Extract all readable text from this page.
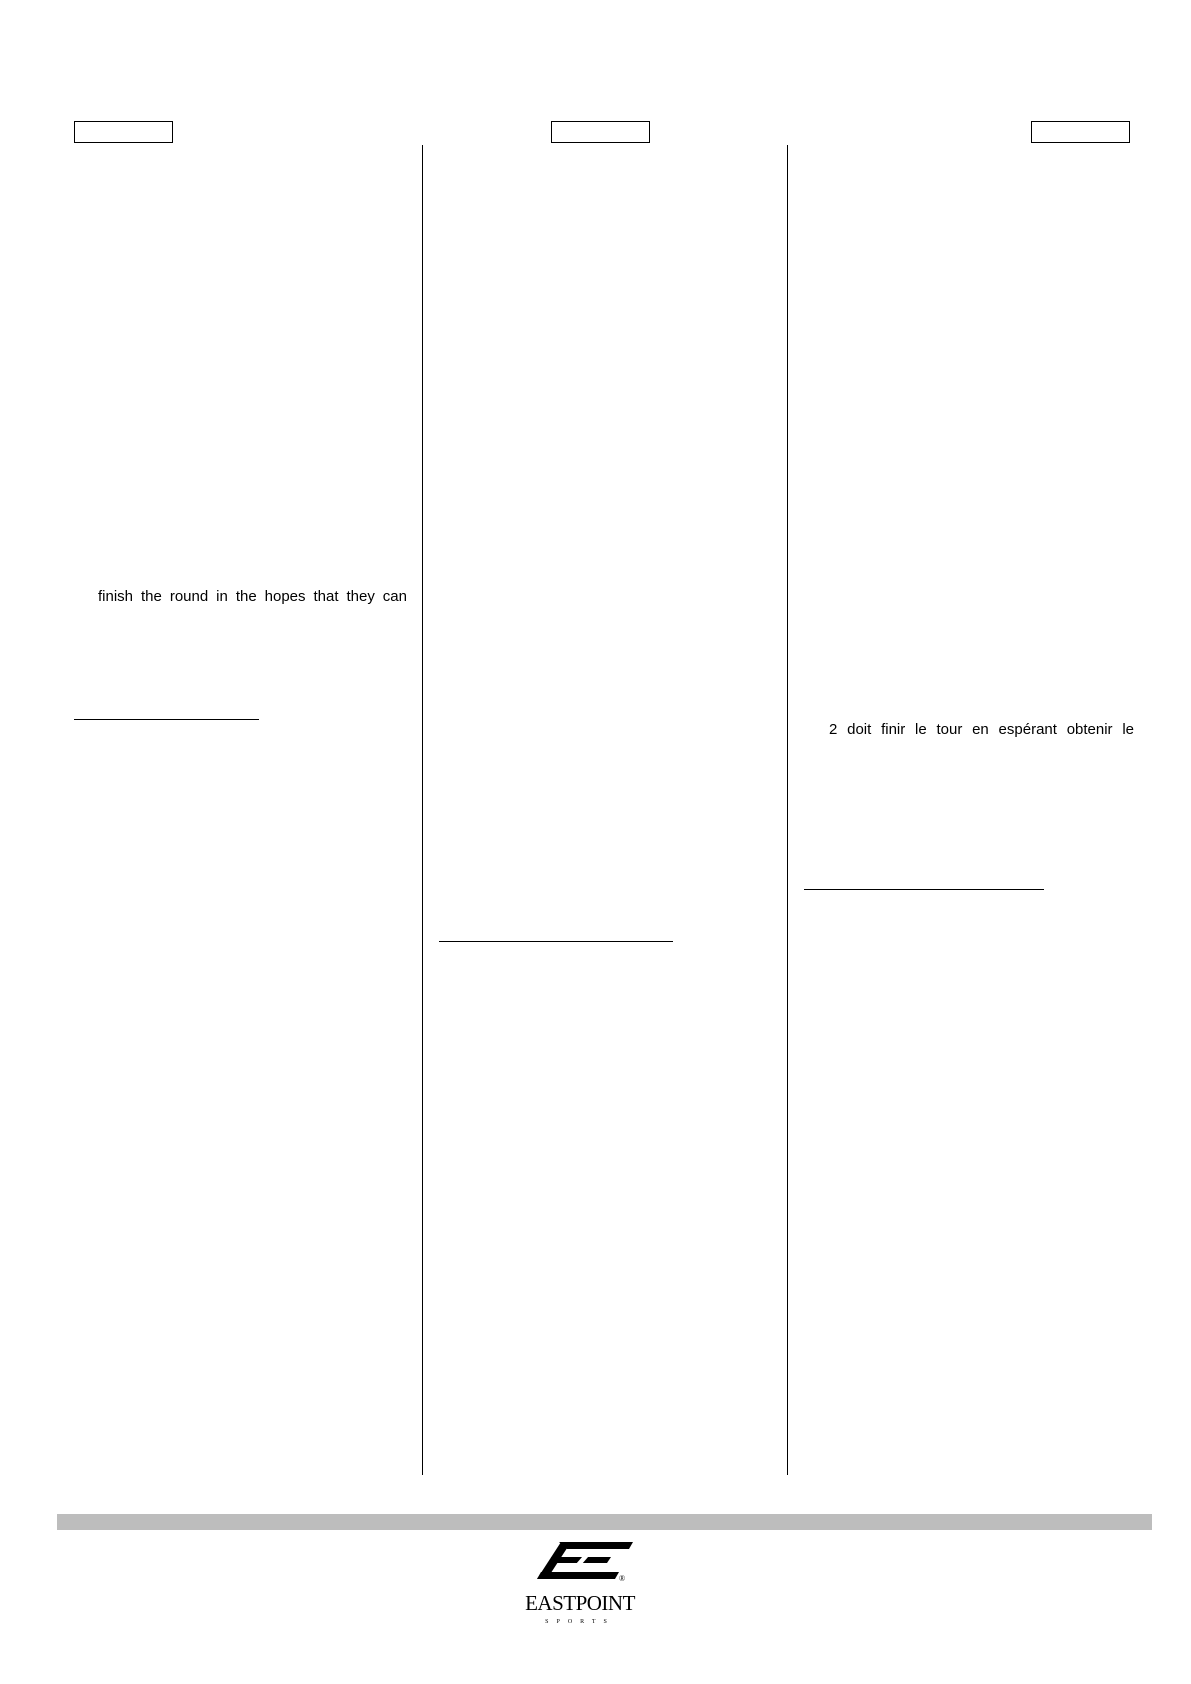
finish the round in the hopes that they can
2 doit finir le tour en espérant obtenir le
®
EASTPOINT
SPORTS
